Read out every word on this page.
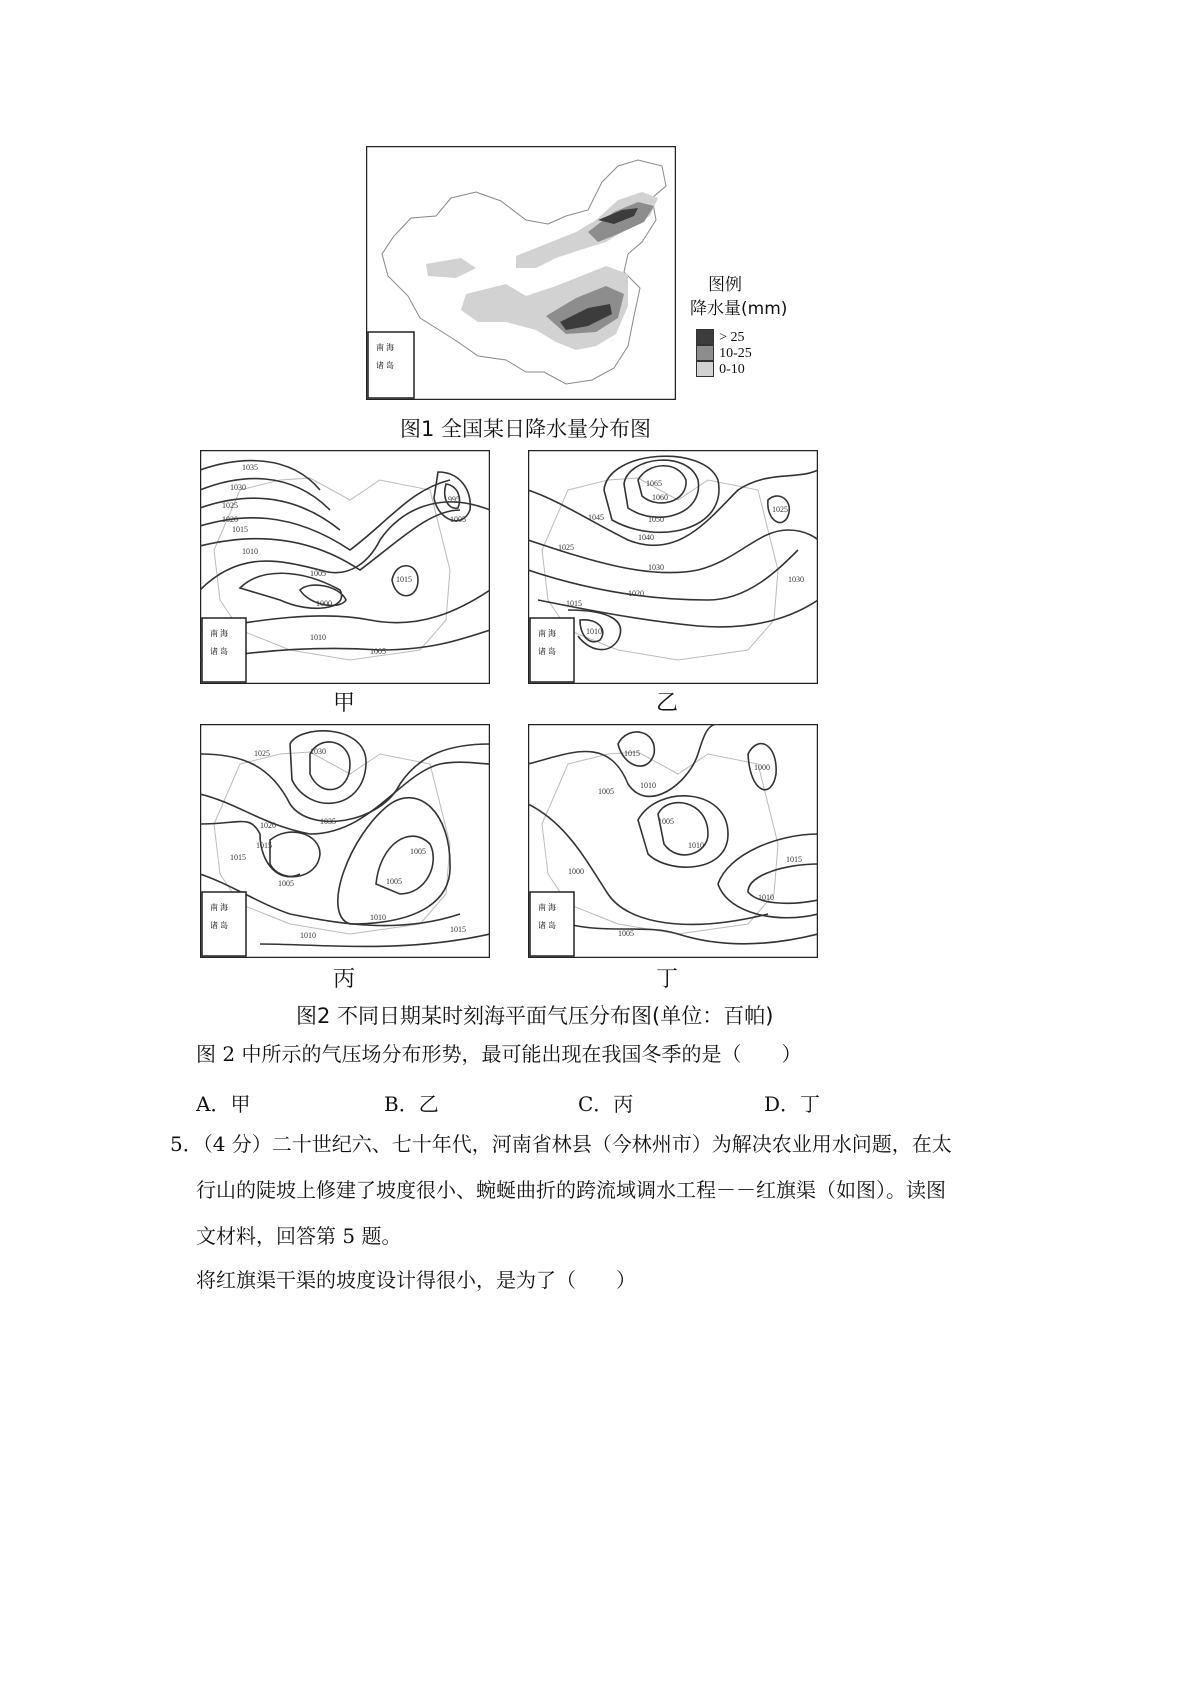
南 海
诸 岛
图例
降水量(mm)
> 25
10-25
0-10
图1 全国某日降水量分布图
1035
1030
1025
1020
1015
1010
1005
1000
1015
995
1005
1010
1005
南 海
诸 岛
甲
1065
1060
1050
1045
1040
1030
1025
1025
1020
1015
1010
1030
南 海
诸 岛
乙
1025	1030
1035
1020
1015
1015
1005	1005
1010
1010
1005
1015
南 海
诸 岛
丙
1015
1010
1005
1005
1010
1000
1000
1015
1010
1005
南 海
诸 岛
丁
图2 不同日期某时刻海平面气压分布图(单位：百帕)
图 2 中所示的气压场分布形势，最可能出现在我国冬季的是（　　）
A．甲	B．乙	C．丙	D．丁
5．（4 分）二十世纪六、七十年代，河南省林县（今林州市）为解决农业用水问题，在太
行山的陡坡上修建了坡度很小、蜿蜒曲折的跨流域调水工程－－红旗渠（如图）。读图
文材料，回答第 5 题。
将红旗渠干渠的坡度设计得很小，是为了（　　）
